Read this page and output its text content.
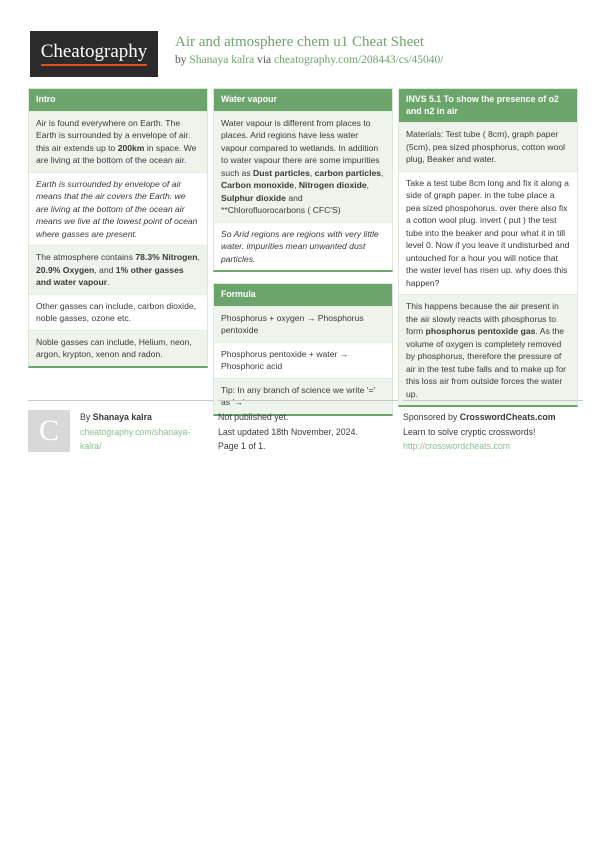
Cheatography Air and atmosphere chem u1 Cheat Sheet
by Shanaya kalra via cheatography.com/208443/cs/45040/
Intro
Air is found everywhere on Earth. The Earth is surrounded by a envelope of air. this air extends up to 200km in space. We are living at the bottom of the ocean air.
Earth is surrounded by envelope of air means that the air covers the Earth. we are living at the bottom of the ocean air means we live at the lowest point of ocean where gasses are present.
The atmosphere contains 78.3% Nitrogen, 20.9% Oxygen, and 1% other gasses and water vapour.
Other gasses can include, carbon dioxide, noble gasses, ozone etc.
Noble gasses can include, Helium, neon, argon, krypton, xenon and radon.
Water vapour
Water vapour is different from places to places. Arid regions have less water vapour compared to wetlands. In addition to water vapour there are some impurities such as Dust particles, carbon particles, Carbon monoxide, Nitrogen dioxide, Sulphur dioxide and **Chlorofluorocarbons ( CFC'S)
So Arid regions are regions with very little water. impurities mean unwanted dust particles.
Formula
Phosphorus + oxygen → Phosphorus pentoxide
Phosphorus pentoxide + water → Phosphoric acid
Tip: In any branch of science we write '=' as '→'
INVS 5.1 To show the presence of o2 and n2 in air
Materials: Test tube ( 8cm), graph paper (5cm), pea sized phosphorus, cotton wool plug, Beaker and water.
Take a test tube 8cm long and fix it along a side of graph paper. in the tube place a pea sized phospohorus. over there also fix a cotton wool plug. invert ( put ) the test tube into the beaker and pour what it in till level 0. Now if you leave it undisturbed and untouched for a hour you will notice that the water level has risen up. why does this happen?
This happens because the air present in the air slowly reacts with phosphorus to form phosphorus pentoxide gas. As the volume of oxygen is completely removed by phosphorus, therefore the pressure of air in the test tube falls and to make up for this loss air from outside forces the water up.
C	By Shanaya kalra
cheatography.com/shanaya-kalra/
Not published yet.
Last updated 18th November, 2024.
Page 1 of 1.
Sponsored by CrosswordCheats.com
Learn to solve cryptic crosswords!
http://crosswordcheats.com
